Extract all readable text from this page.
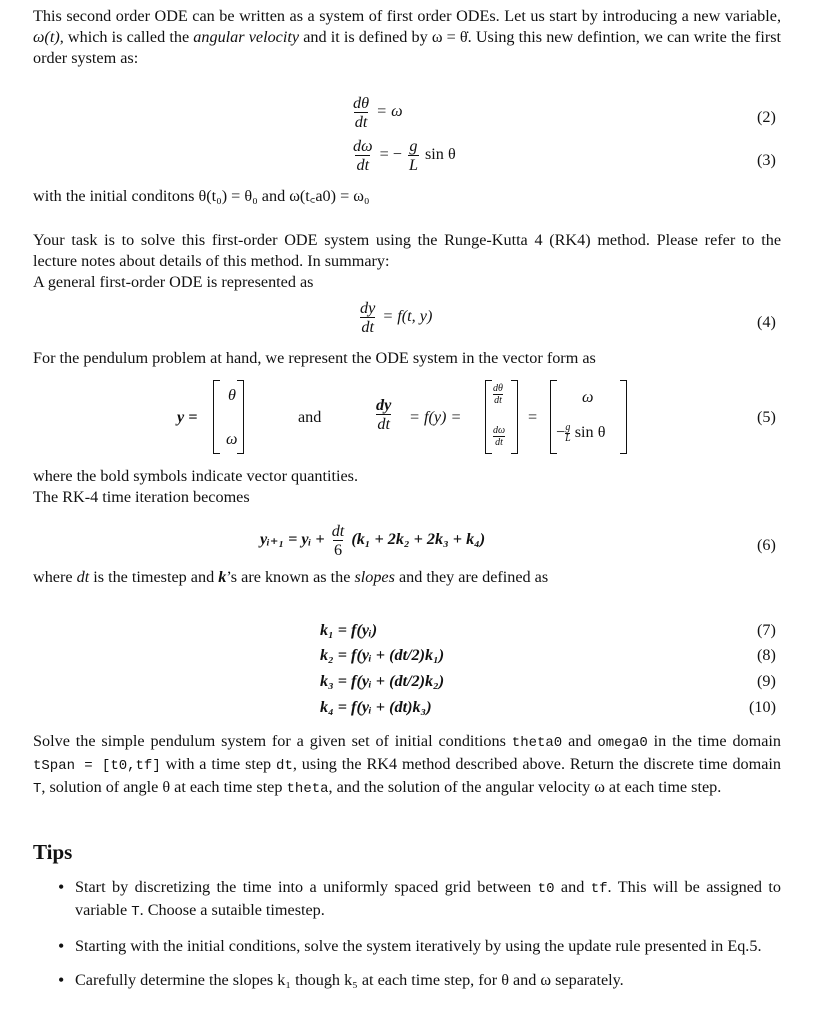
This second order ODE can be written as a system of first order ODEs. Let us start by introducing a new variable, ω(t), which is called the angular velocity and it is defined by ω = θ̇. Using this new defintion, we can write the first order system as:
$\frac{d\theta}{dt} = \omega$	(2)
$\frac{d\omega}{dt}$ = − $\frac{g}{L}$ sin θ	(3)
with the initial conditons θ(t₀) = θ₀ and ω(t꜀a0) = ω₀
Your task is to solve this first-order ODE system using the Runge-Kutta 4 (RK4) method. Please refer to the lecture notes about details of this method. In summary:
A general first-order ODE is represented as
$\frac{dy}{dt} = f(t$, y)	(4)
For the pendulum problem at hand, we represent the ODE system in the vector form as
y =
θ
ω
and	$\frac{dy}{dt} = f(y)$ =
dθ
dt
dω
dt
=
ω
− $\frac{g}{L}$ sin θ
(5)
where the bold symbols indicate vector quantities.
The RK-4 time iteration becomes
yᵢ₊₁ = yᵢ + $\frac{dt}{6} (k_1 + 2k_2 + 2k_3 + k_4)$	(6)
where dt is the timestep and k’s are known as the slopes and they are defined as
k₁ = f(yᵢ)	(7)
k₂ = f(yᵢ + (dt/2)k₁)	(8)
k₃ = f(yᵢ + (dt/2)k₂)	(9)
k₄ = f(yᵢ + (dt)k₃)	(10)
Solve the simple pendulum system for a given set of initial conditions theta0 and omega0 in the time domain tSpan = [t0,tf] with a time step dt, using the RK4 method described above. Return the discrete time domain T, solution of angle θ at each time step theta, and the solution of the angular velocity ω at each time step.
Tips
• Start by discretizing the time into a uniformly spaced grid between t0 and tf. This will be assigned to variable T. Choose a sutaible timestep.
• Starting with the initial conditions, solve the system iteratively by using the update rule presented in Eq.5.
• Carefully determine the slopes k₁ though k₅ at each time step, for θ and ω separately.
